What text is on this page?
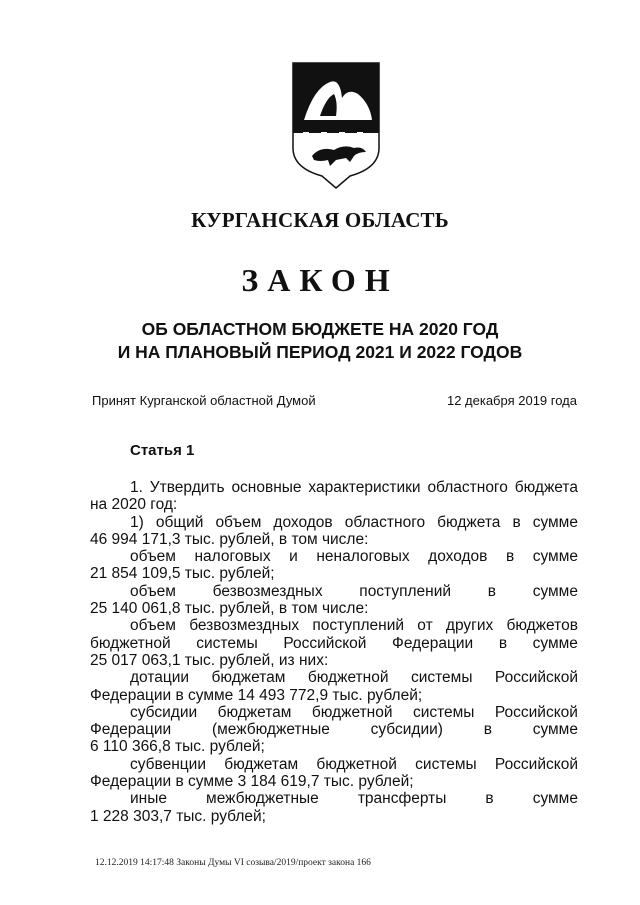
КУРГАНСКАЯ ОБЛАСТЬ
ЗАКОН
ОБ ОБЛАСТНОМ БЮДЖЕТЕ НА 2020 ГОД
И НА ПЛАНОВЫЙ ПЕРИОД 2021 И 2022 ГОДОВ
Принят Курганской областной Думой	12 декабря 2019 года
Статья 1
1. Утвердить основные характеристики областного бюджета
на 2020 год:
1) общий объем доходов областного бюджета в сумме
46 994 171,3 тыс. рублей, в том числе:
объем налоговых и неналоговых доходов в сумме
21 854 109,5 тыс. рублей;
объем безвозмездных поступлений в сумме
25 140 061,8 тыс. рублей, в том числе:
объем безвозмездных поступлений от других бюджетов
бюджетной системы Российской Федерации в сумме
25 017 063,1 тыс. рублей, из них:
дотации бюджетам бюджетной системы Российской
Федерации в сумме 14 493 772,9 тыс. рублей;
субсидии бюджетам бюджетной системы Российской
Федерации	(межбюджетные	субсидии)	в	сумме
6 110 366,8 тыс. рублей;
субвенции бюджетам бюджетной системы Российской
Федерации в сумме 3 184 619,7 тыс. рублей;
иные	межбюджетные	трансферты	в	сумме
1 228 303,7 тыс. рублей;
12.12.2019 14:17:48 Законы Думы VI созыва/2019/проект закона 166
